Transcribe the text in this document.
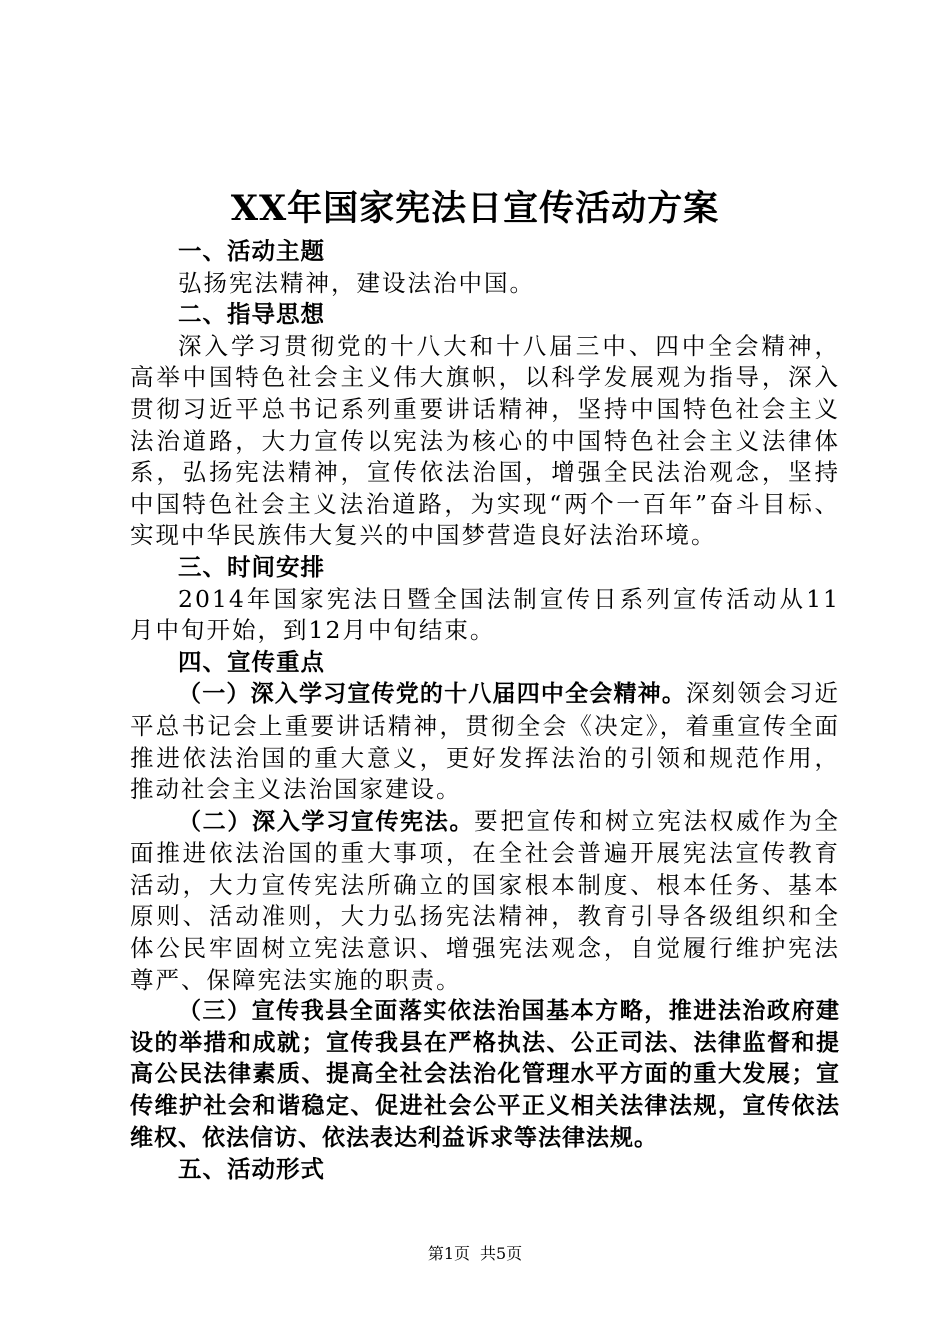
XX年国家宪法日宣传活动方案

一、活动主题

弘扬宪法精神，建设法治中国。

二、指导思想

深入学习贯彻党的十八大和十八届三中、四中全会精神，高举中国特色社会主义伟大旗帜，以科学发展观为指导，深入贯彻习近平总书记系列重要讲话精神，坚持中国特色社会主义法治道路，大力宣传以宪法为核心的中国特色社会主义法律体系，弘扬宪法精神，宣传依法治国，增强全民法治观念，坚持中国特色社会主义法治道路，为实现“两个一百年”奋斗目标、实现中华民族伟大复兴的中国梦营造良好法治环境。

三、时间安排

2014年国家宪法日暨全国法制宣传日系列宣传活动从11月中旬开始，到12月中旬结束。

四、宣传重点

（一）深入学习宣传党的十八届四中全会精神。深刻领会习近平总书记会上重要讲话精神，贯彻全会《决定》，着重宣传全面推进依法治国的重大意义，更好发挥法治的引领和规范作用，推动社会主义法治国家建设。

（二）深入学习宣传宪法。要把宣传和树立宪法权威作为全面推进依法治国的重大事项，在全社会普遍开展宪法宣传教育活动，大力宣传宪法所确立的国家根本制度、根本任务、基本原则、活动准则，大力弘扬宪法精神，教育引导各级组织和全体公民牢固树立宪法意识、增强宪法观念，自觉履行维护宪法尊严、保障宪法实施的职责。

（三）宣传我县全面落实依法治国基本方略，推进法治政府建设的举措和成就；宣传我县在严格执法、公正司法、法律监督和提高公民法律素质、提高全社会法治化管理水平方面的重大发展；宣传维护社会和谐稳定、促进社会公平正义相关法律法规，宣传依法维权、依法信访、依法表达利益诉求等法律法规。

五、活动形式

第1页 共5页
